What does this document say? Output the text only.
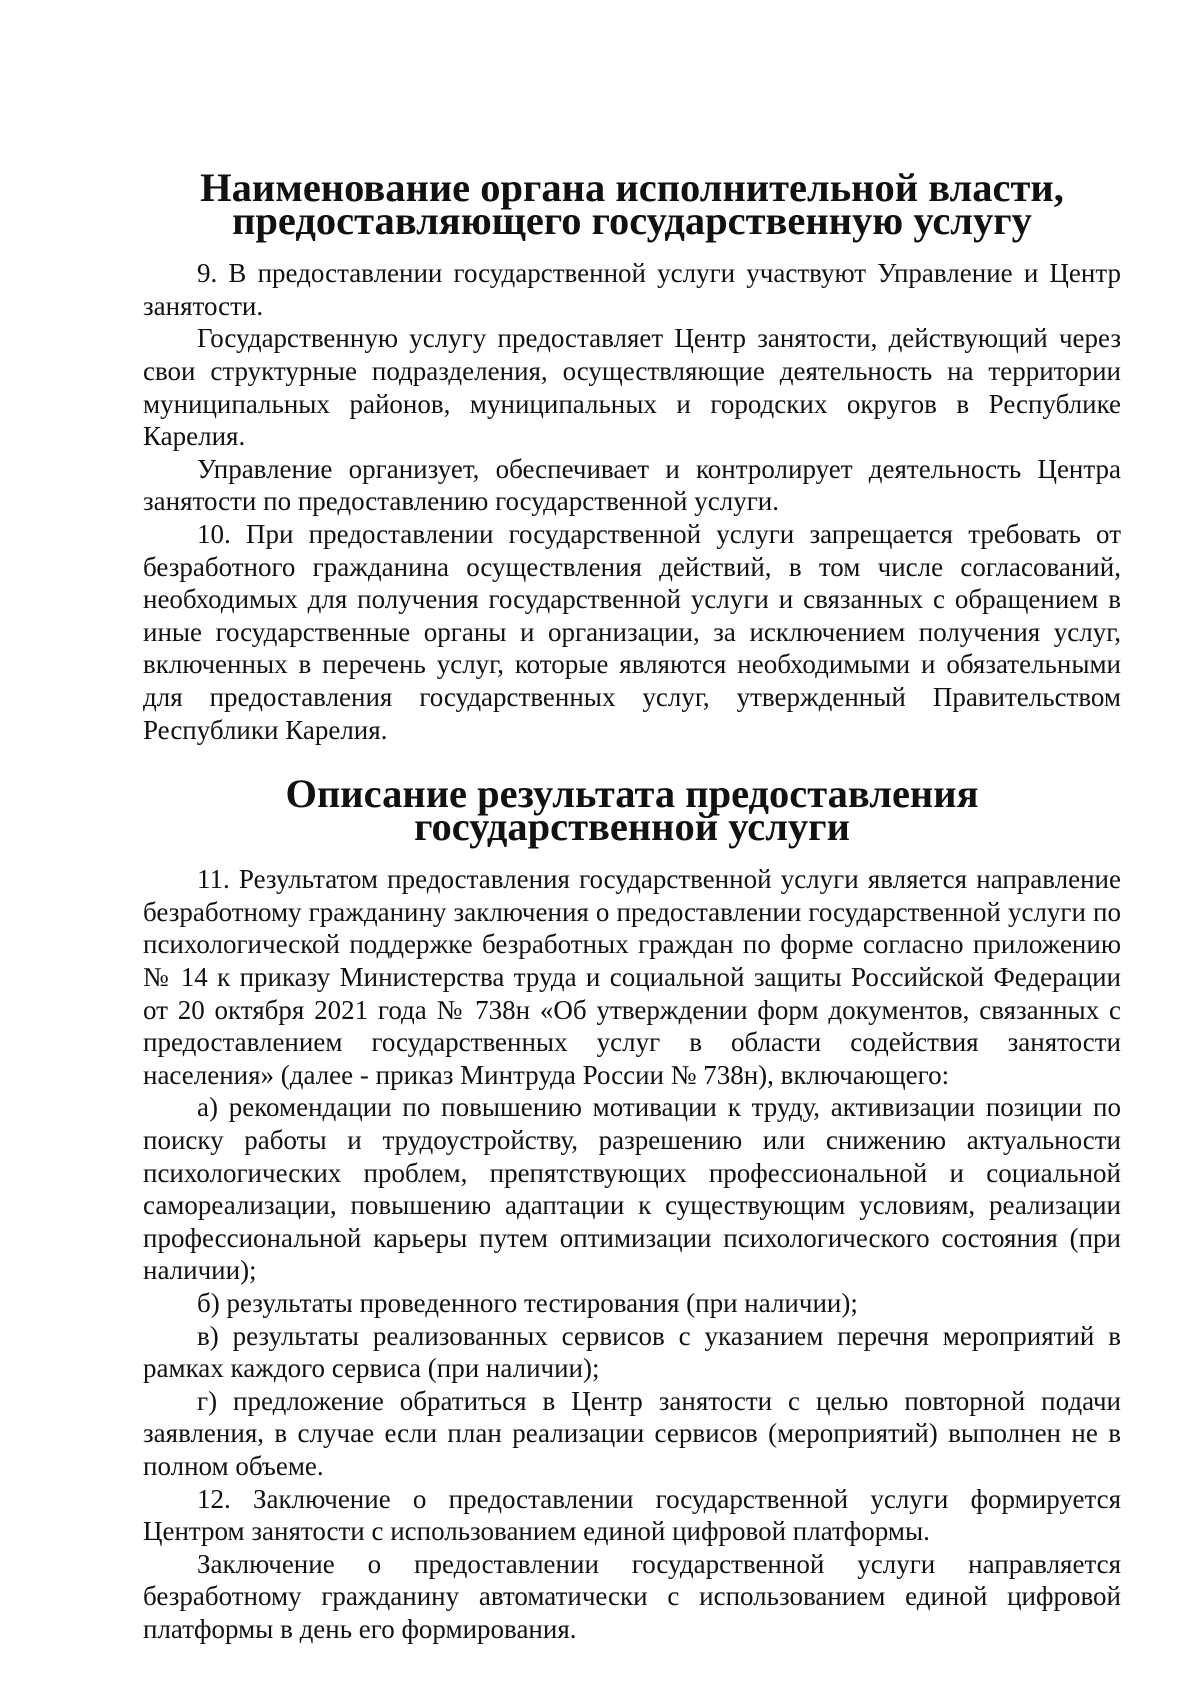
Наименование органа исполнительной власти, предоставляющего государственную услугу

9. В предоставлении государственной услуги участвуют Управление и Центр занятости.

Государственную услугу предоставляет Центр занятости, действующий через свои структурные подразделения, осуществляющие деятельность на территории муниципальных районов, муниципальных и городских округов в Республике Карелия.

Управление организует, обеспечивает и контролирует деятельность Центра занятости по предоставлению государственной услуги.

10. При предоставлении государственной услуги запрещается требовать от безработного гражданина осуществления действий, в том числе согласований, необходимых для получения государственной услуги и связанных с обращением в иные государственные органы и организации, за исключением получения услуг, включенных в перечень услуг, которые являются необходимыми и обязательными для предоставления государственных услуг, утвержденный Правительством Республики Карелия.

Описание результата предоставления государственной услуги

11. Результатом предоставления государственной услуги является направление безработному гражданину заключения о предоставлении государственной услуги по психологической поддержке безработных граждан по форме согласно приложению № 14 к приказу Министерства труда и социальной защиты Российской Федерации от 20 октября 2021 года № 738н «Об утверждении форм документов, связанных с предоставлением государственных услуг в области содействия занятости населения» (далее - приказ Минтруда России № 738н), включающего:

а) рекомендации по повышению мотивации к труду, активизации позиции по поиску работы и трудоустройству, разрешению или снижению актуальности психологических проблем, препятствующих профессиональной и социальной самореализации, повышению адаптации к существующим условиям, реализации профессиональной карьеры путем оптимизации психологического состояния (при наличии);

б) результаты проведенного тестирования (при наличии);

в) результаты реализованных сервисов с указанием перечня мероприятий в рамках каждого сервиса (при наличии);

г) предложение обратиться в Центр занятости с целью повторной подачи заявления, в случае если план реализации сервисов (мероприятий) выполнен не в полном объеме.

12. Заключение о предоставлении государственной услуги формируется Центром занятости с использованием единой цифровой платформы.

Заключение о предоставлении государственной услуги направляется безработному гражданину автоматически с использованием единой цифровой платформы в день его формирования.
